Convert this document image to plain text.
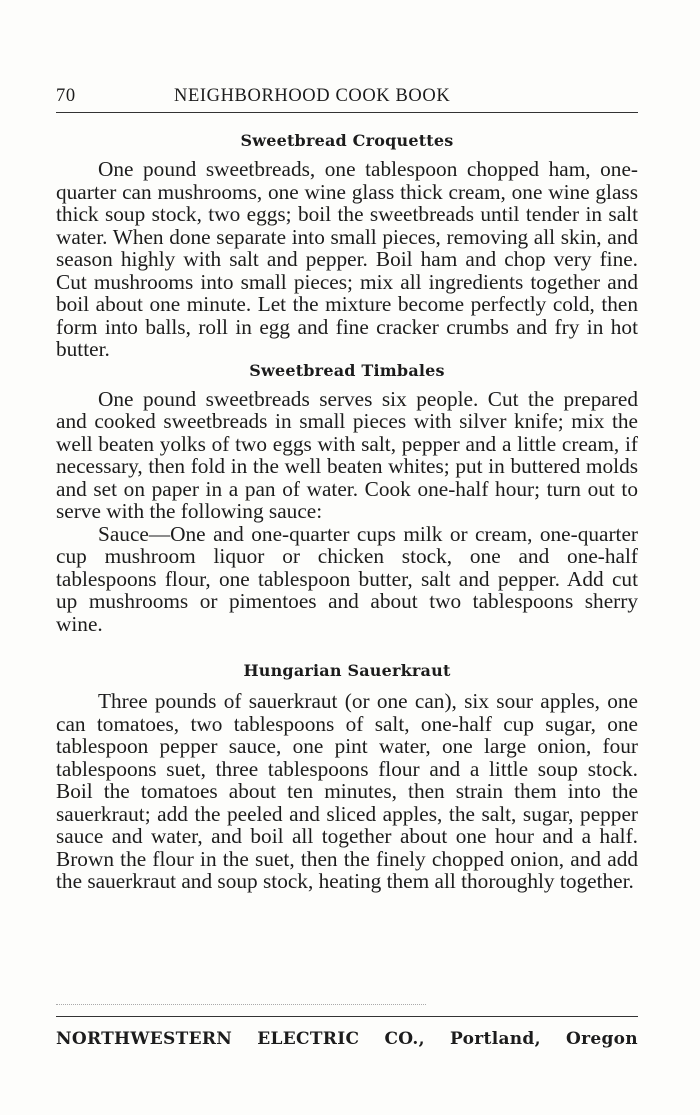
70	NEIGHBORHOOD COOK BOOK
Sweetbread Croquettes

One pound sweetbreads, one tablespoon chopped ham, one-quarter can mushrooms, one wine glass thick cream, one wine glass thick soup stock, two eggs; boil the sweetbreads until tender in salt water. When done separate into small pieces, removing all skin, and season highly with salt and pepper. Boil ham and chop very fine. Cut mushrooms into small pieces; mix all ingredients together and boil about one minute. Let the mixture become perfectly cold, then form into balls, roll in egg and fine cracker crumbs and fry in hot butter.

Sweetbread Timbales

One pound sweetbreads serves six people. Cut the prepared and cooked sweetbreads in small pieces with silver knife; mix the well beaten yolks of two eggs with salt, pepper and a little cream, if necessary, then fold in the well beaten whites; put in buttered molds and set on paper in a pan of water. Cook one-half hour; turn out to serve with the following sauce:

Sauce—One and one-quarter cups milk or cream, one-quarter cup mushroom liquor or chicken stock, one and one-half tablespoons flour, one tablespoon butter, salt and pepper. Add cut up mushrooms or pimentoes and about two tablespoons sherry wine.

Hungarian Sauerkraut

Three pounds of sauerkraut (or one can), six sour apples, one can tomatoes, two tablespoons of salt, one-half cup sugar, one tablespoon pepper sauce, one pint water, one large onion, four tablespoons suet, three tablespoons flour and a little soup stock. Boil the tomatoes about ten minutes, then strain them into the sauerkraut; add the peeled and sliced apples, the salt, sugar, pepper sauce and water, and boil all together about one hour and a half. Brown the flour in the suet, then the finely chopped onion, and add the sauerkraut and soup stock, heating them all thoroughly together.

NORTHWESTERN ELECTRIC CO., Portland, Oregon
